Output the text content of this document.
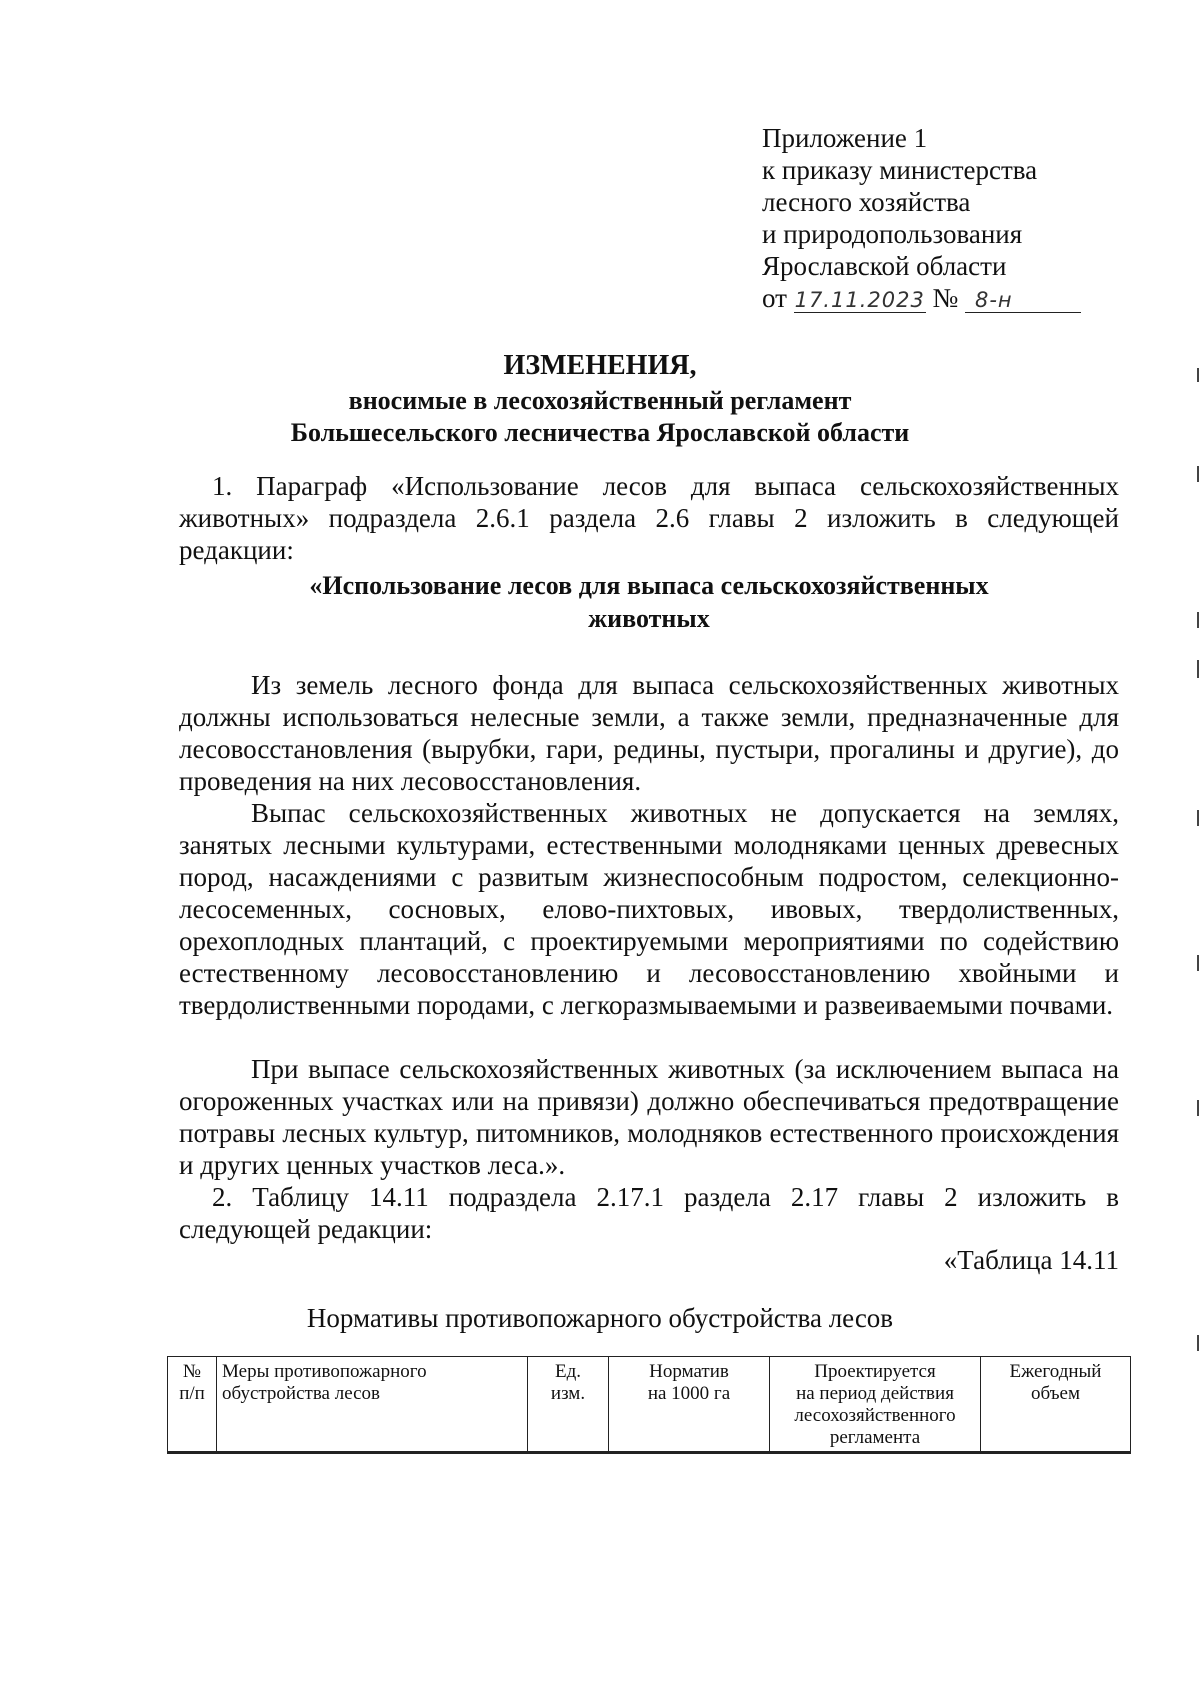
Приложение 1
к приказу министерства
лесного хозяйства
и природопользования
Ярославской области
от 17.11.2023 № 8-н
ИЗМЕНЕНИЯ,
вносимые в лесохозяйственный регламент
Большесельского лесничества Ярославской области
1. Параграф «Использование лесов для выпаса сельскохозяйственных животных» подраздела 2.6.1 раздела 2.6 главы 2 изложить в следующей редакции:
«Использование лесов для выпаса сельскохозяйственных
животных
Из земель лесного фонда для выпаса сельскохозяйственных животных должны использоваться нелесные земли, а также земли, предназначенные для лесовосстановления (вырубки, гари, редины, пустыри, прогалины и другие), до проведения на них лесовосстановления.
Выпас сельскохозяйственных животных не допускается на землях, занятых лесными культурами, естественными молодняками ценных древесных пород, насаждениями с развитым жизнеспособным подростом, селекционно-лесосеменных, сосновых, елово-пихтовых, ивовых, твердолиственных, орехоплодных плантаций, с проектируемыми мероприятиями по содействию естественному лесовосстановлению и лесовосстановлению хвойными и твердолиственными породами, с легкоразмываемыми и развеиваемыми почвами.
При выпасе сельскохозяйственных животных (за исключением выпаса на огороженных участках или на привязи) должно обеспечиваться предотвращение потравы лесных культур, питомников, молодняков естественного происхождения и других ценных участков леса.».
2. Таблицу 14.11 подраздела 2.17.1 раздела 2.17 главы 2 изложить в следующей редакции:
«Таблица 14.11
Нормативы противопожарного обустройства лесов
№
п/п

Меры противопожарного
обустройства лесов

Ед.
изм.

Норматив
на 1000 га

Проектируется
на период действия
лесохозяйственного
регламента

Ежегодный
объем
